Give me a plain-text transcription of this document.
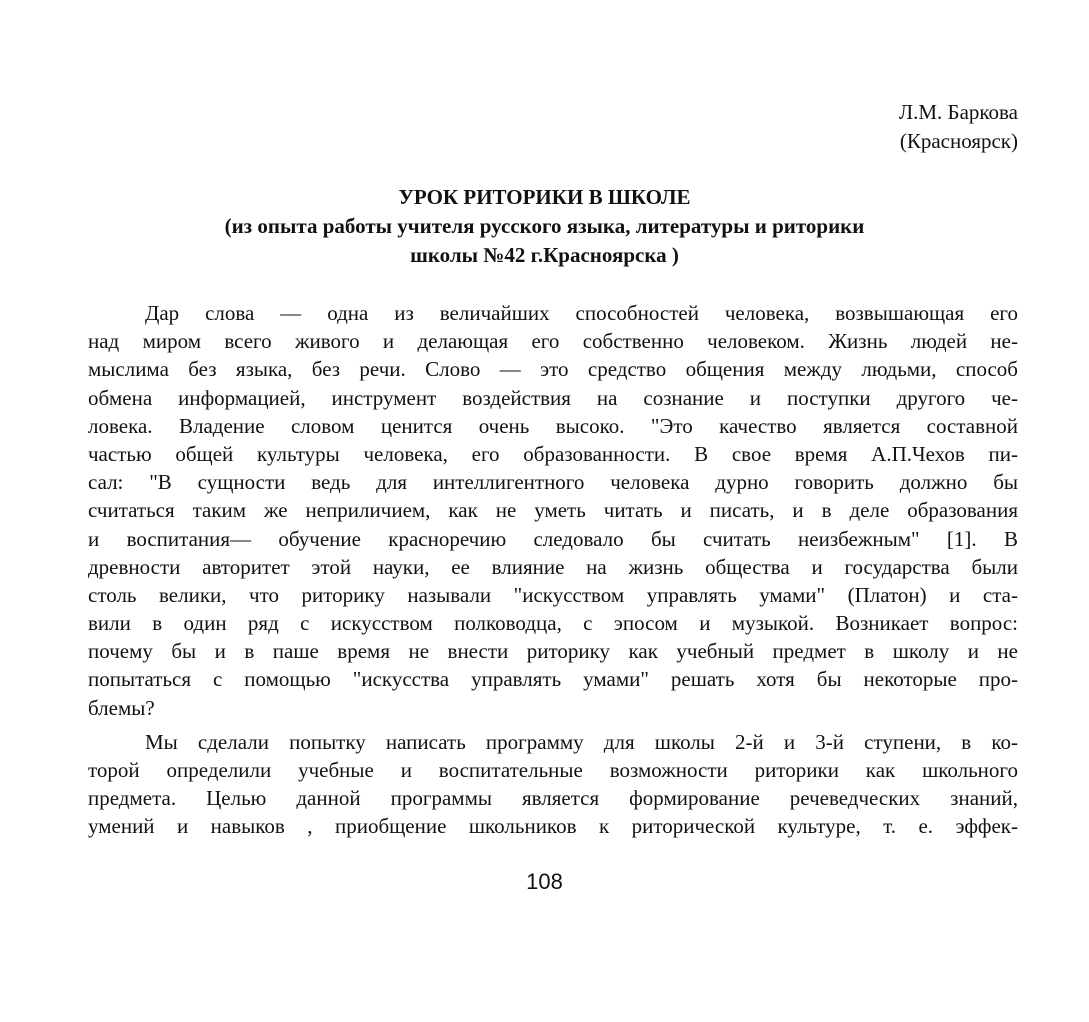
Л.М. Баркова
(Красноярск)
УРОК РИТОРИКИ В ШКОЛЕ
(из опыта работы учителя русского языка, литературы и риторики
школы №42 г.Красноярска )
Дар слова — одна из величайших способностей человека, возвышающая его
над миром всего живого и делающая его собственно человеком. Жизнь людей не-
мыслима без языка, без речи. Слово — это средство общения между людьми, способ
обмена информацией, инструмент воздействия на сознание и поступки другого че-
ловека. Владение словом ценится очень высоко. "Это качество является составной
частью общей культуры человека, его образованности. В свое время А.П.Чехов пи-
сал: "В сущности ведь для интеллигентного человека дурно говорить должно бы
считаться таким же неприличием, как не уметь читать и писать, и в деле образования
и воспитания— обучение красноречию следовало бы считать неизбежным" [1]. В
древности авторитет этой науки, ее влияние на жизнь общества и государства были
столь велики, что риторику называли "искусством управлять умами" (Платон) и ста-
вили в один ряд с искусством полководца, с эпосом и музыкой. Возникает вопрос:
почему бы и в паше время не внести риторику как учебный предмет в школу и не
попытаться с помощью "искусства управлять умами" решать хотя бы некоторые про-
блемы?
Мы сделали попытку написать программу для школы 2-й и 3-й ступени, в ко-
торой определили учебные и воспитательные возможности риторики как школьного
предмета. Целью данной программы является формирование речеведческих знаний,
умений и навыков , приобщение школьников к риторической культуре, т. е. эффек-
108
